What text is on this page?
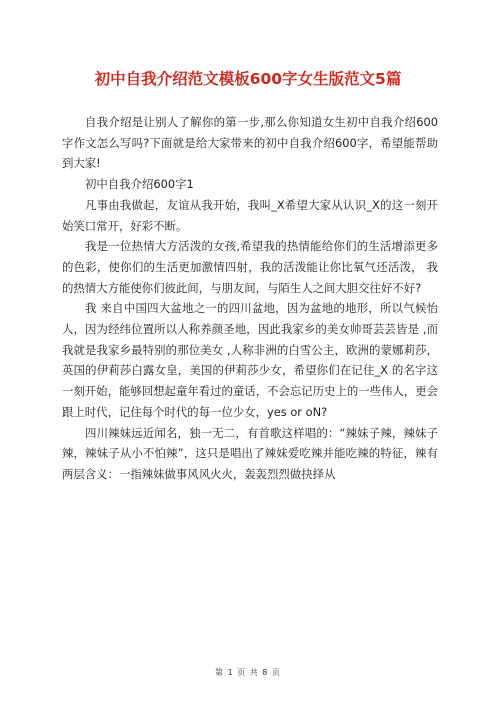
初中自我介绍范文模板600字女生版范文5篇

自我介绍是让别人了解你的第一步,那么你知道女生初中自我介绍600字作文怎么写吗?下面就是给大家带来的初中自我介绍600字，希望能帮助到大家!

初中自我介绍600字1

凡事由我做起，友谊从我开始，我叫_X希望大家从认识_X的这一刻开始笑口常开，好彩不断。

我是一位热情大方活泼的女孩,希望我的热情能给你们的生活增添更多的色彩，使你们的生活更加激情四射，我的活泼能让你比氧气还活泼， 我的热情大方能使你们彼此间，与朋友间，与陌生人之间大胆交往好不好?

我 来自中国四大盆地之一的四川盆地，因为盆地的地形，所以气候怡人，因为经纬位置所以人称养颜圣地，因此我家乡的美女帅哥芸芸皆是 ,而我就是我家乡最特别的那位美女 ,人称非洲的白雪公主，欧洲的蒙娜莉莎，英国的伊莉莎白露女皇，美国的伊莉莎少女，希望你们在记住_X 的名字这一刻开始，能够回想起童年看过的童话，不会忘记历史上的一些伟人，更会跟上时代，记住每个时代的每一位少女，yes or oN?

四川辣妹远近闻名，独一无二，有首歌这样唱的：“辣妹子辣，辣妹子辣，辣妹子从小不怕辣”，这只是唱出了辣妹爱吃辣并能吃辣的特征，辣有两层含义：一指辣妹做事风风火火，轰轰烈烈做抉择从

第 1 页 共 8 页
